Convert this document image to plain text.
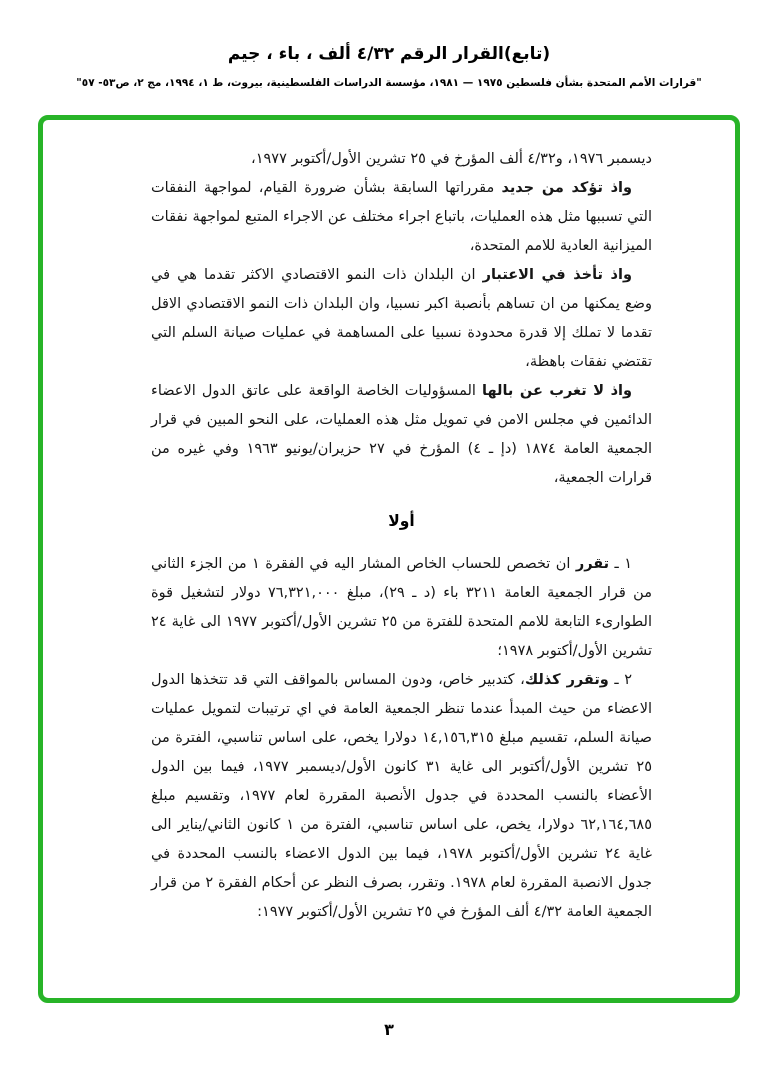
(تابع)القرار الرقم ٤/٣٢ ألف ، باء ، جيم
"قرارات الأمم المتحدة بشأن فلسطين ١٩٧٥ — ١٩٨١، مؤسسة الدراسات الفلسطينية، بيروت، ط ١، ١٩٩٤، مج ٢، ص٥٣- ٥٧"

ديسمبر ١٩٧٦، و٤/٣٢ ألف المؤرخ في ٢٥ تشرين الأول/أكتوبر ١٩٧٧،

واذ تؤكد من جديد مقرراتها السابقة بشأن ضرورة القيام، لمواجهة النفقات التي تسببها مثل هذه العمليات، باتباع اجراء مختلف عن الاجراء المتبع لمواجهة نفقات الميزانية العادية للامم المتحدة،

واذ تأخذ في الاعتبار ان البلدان ذات النمو الاقتصادي الاكثر تقدما هي في وضع يمكنها من ان تساهم بأنصبة اكبر نسبيا، وان البلدان ذات النمو الاقتصادي الاقل تقدما لا تملك إلا قدرة محدودة نسبيا على المساهمة في عمليات صيانة السلم التي تقتضي نفقات باهظة،

واذ لا تغرب عن بالها المسؤوليات الخاصة الواقعة على عاتق الدول الاعضاء الدائمين في مجلس الامن في تمويل مثل هذه العمليات، على النحو المبين في قرار الجمعية العامة ١٨٧٤ (دإ ـ ٤) المؤرخ في ٢٧ حزيران/يونيو ١٩٦٣ وفي غيره من قرارات الجمعية،

أولا

١ ـ تقرر ان تخصص للحساب الخاص المشار اليه في الفقرة ١ من الجزء الثاني من قرار الجمعية العامة ٣٢١١ باء (د ـ ٢٩)، مبلغ ٧٦,٣٢١,٠٠٠ دولار لتشغيل قوة الطوارىء التابعة للامم المتحدة للفترة من ٢٥ تشرين الأول/أكتوبر ١٩٧٧ الى غاية ٢٤ تشرين الأول/أكتوبر ١٩٧٨؛

٢ ـ وتقرر كذلك، كتدبير خاص، ودون المساس بالمواقف التي قد تتخذها الدول الاعضاء من حيث المبدأ عندما تنظر الجمعية العامة في اي ترتيبات لتمويل عمليات صيانة السلم، تقسيم مبلغ ١٤,١٥٦,٣١٥ دولارا يخص، على اساس تناسبي، الفترة من ٢٥ تشرين الأول/أكتوبر الى غاية ٣١ كانون الأول/ديسمبر ١٩٧٧، فيما بين الدول الأعضاء بالنسب المحددة في جدول الأنصبة المقررة لعام ١٩٧٧، وتقسيم مبلغ ٦٢,١٦٤,٦٨٥ دولارا، يخص، على اساس تناسبي، الفترة من ١ كانون الثاني/يناير الى غاية ٢٤ تشرين الأول/أكتوبر ١٩٧٨، فيما بين الدول الاعضاء بالنسب المحددة في جدول الانصبة المقررة لعام ١٩٧٨. وتقرر، بصرف النظر عن أحكام الفقرة ٢ من قرار الجمعية العامة ٤/٣٢ ألف المؤرخ في ٢٥ تشرين الأول/أكتوبر ١٩٧٧:

٣
